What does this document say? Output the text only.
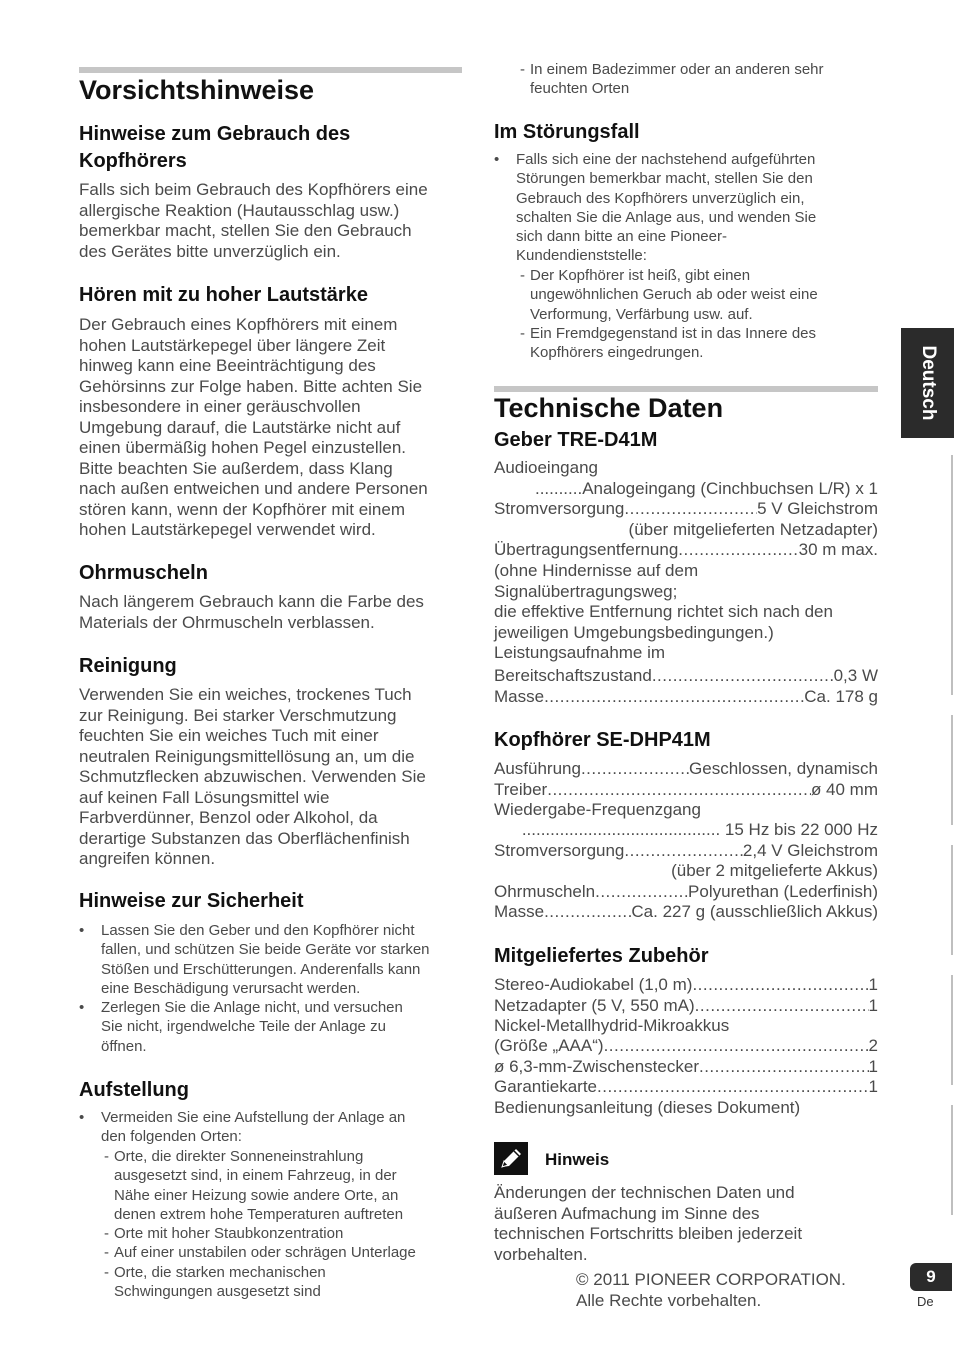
Vorsichtshinweise
Hinweise zum Gebrauch des Kopfhörers
Falls sich beim Gebrauch des Kopfhörers eine
allergische Reaktion (Hautausschlag usw.)
bemerkbar macht, stellen Sie den Gebrauch
des Gerätes bitte unverzüglich ein.
Hören mit zu hoher Lautstärke
Der Gebrauch eines Kopfhörers mit einem
hohen Lautstärkepegel über längere Zeit
hinweg kann eine Beeinträchtigung des
Gehörsinns zur Folge haben. Bitte achten Sie
insbesondere in einer geräuschvollen
Umgebung darauf, die Lautstärke nicht auf
einen übermäßig hohen Pegel einzustellen.
Bitte beachten Sie außerdem, dass Klang
nach außen entweichen und andere Personen
stören kann, wenn der Kopfhörer mit einem
hohen Lautstärkepegel verwendet wird.
Ohrmuscheln
Nach längerem Gebrauch kann die Farbe des
Materials der Ohrmuscheln verblassen.
Reinigung
Verwenden Sie ein weiches, trockenes Tuch
zur Reinigung. Bei starker Verschmutzung
feuchten Sie ein weiches Tuch mit einer
neutralen Reinigungsmittellösung an, um die
Schmutzflecken abzuwischen. Verwenden Sie
auf keinen Fall Lösungsmittel wie
Farbverdünner, Benzol oder Alkohol, da
derartige Substanzen das Oberflächenfinish
angreifen können.
Hinweise zur Sicherheit
• Lassen Sie den Geber und den Kopfhörer nicht
fallen, und schützen Sie beide Geräte vor starken
Stößen und Erschütterungen. Anderenfalls kann
eine Beschädigung verursacht werden.
• Zerlegen Sie die Anlage nicht, und versuchen
Sie nicht, irgendwelche Teile der Anlage zu
öffnen.
Aufstellung
• Vermeiden Sie eine Aufstellung der Anlage an
den folgenden Orten:
- Orte, die direkter Sonneneinstrahlung
ausgesetzt sind, in einem Fahrzeug, in der
Nähe einer Heizung sowie andere Orte, an
denen extrem hohe Temperaturen auftreten
- Orte mit hoher Staubkonzentration
- Auf einer unstabilen oder schrägen Unterlage
- Orte, die starken mechanischen
Schwingungen ausgesetzt sind
- In einem Badezimmer oder an anderen sehr
feuchten Orten
Im Störungsfall
• Falls sich eine der nachstehend aufgeführten
Störungen bemerkbar macht, stellen Sie den
Gebrauch des Kopfhörers unverzüglich ein,
schalten Sie die Anlage aus, und wenden Sie
sich dann bitte an eine Pioneer-
Kundendienststelle:
- Der Kopfhörer ist heiß, gibt einen
ungewöhnlichen Geruch ab oder weist eine
Verformung, Verfärbung usw. auf.
- Ein Fremdgegenstand ist in das Innere des
Kopfhörers eingedrungen.
Technische Daten
Geber TRE-D41M
Audioeingang
..........Analogeingang (Cinchbuchsen L/R) x 1
Stromversorgung .....	5 V Gleichstrom
(über mitgelieferten Netzadapter)
Übertragungsentfernung .....	30 m max.
(ohne Hindernisse auf dem
Signalübertragungsweg;
die effektive Entfernung richtet sich nach den
jeweiligen Umgebungsbedingungen.)
Leistungsaufnahme im
Bereitschaftszustand .....	0,3 W
Masse .....	Ca. 178 g
Kopfhörer SE-DHP41M
Ausführung .....	Geschlossen, dynamisch
Treiber .....	ø 40 mm
Wiedergabe-Frequenzgang
.......................................... 15 Hz bis 22 000 Hz
Stromversorgung .....	2,4 V Gleichstrom
(über 2 mitgelieferte Akkus)
Ohrmuscheln .....	Polyurethan (Lederfinish)
Masse .....	Ca. 227 g (ausschließlich Akkus)
Mitgeliefertes Zubehör
Stereo-Audiokabel (1,0 m) .....	1
Netzadapter (5 V, 550 mA) .....	1
Nickel-Metallhydrid-Mikroakkus
(Größe „AAA“) .....	2
ø 6,3-mm-Zwischenstecker .....	1
Garantiekarte .....	1
Bedienungsanleitung (dieses Dokument)
Hinweis
Änderungen der technischen Daten und
äußeren Aufmachung im Sinne des
technischen Fortschritts bleiben jederzeit
vorbehalten.
© 2011 PIONEER CORPORATION.
Alle Rechte vorbehalten.
Deutsch
9
De
